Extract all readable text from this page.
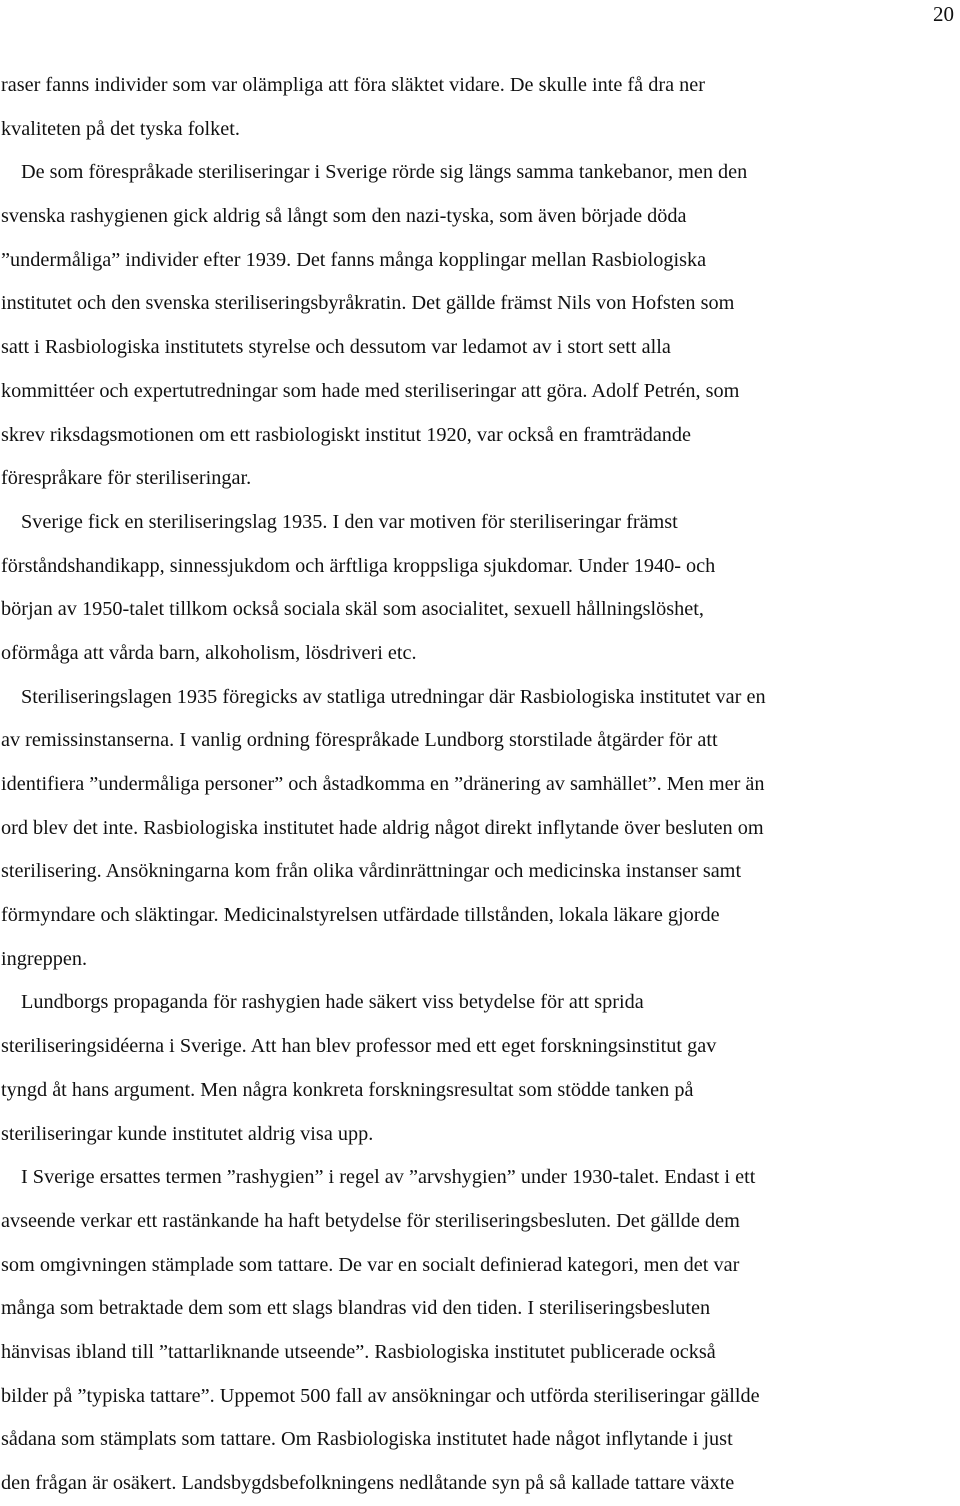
20
raser fanns individer som var olämpliga att föra släktet vidare. De skulle inte få dra ner
kvaliteten på det tyska folket.
De som förespråkade steriliseringar i Sverige rörde sig längs samma tankebanor, men den
svenska rashygienen gick aldrig så långt som den nazi-tyska, som även började döda
”undermåliga” individer efter 1939. Det fanns många kopplingar mellan Rasbiologiska
institutet och den svenska steriliseringsbyråkratin. Det gällde främst Nils von Hofsten som
satt i Rasbiologiska institutets styrelse och dessutom var ledamot av i stort sett alla
kommittéer och expertutredningar som hade med steriliseringar att göra. Adolf Petrén, som
skrev riksdagsmotionen om ett rasbiologiskt institut 1920, var också en framträdande
förespråkare för steriliseringar.
Sverige fick en steriliseringslag 1935. I den var motiven för steriliseringar främst
förståndshandikapp, sinnessjukdom och ärftliga kroppsliga sjukdomar. Under 1940- och
början av 1950-talet tillkom också sociala skäl som asocialitet, sexuell hållningslöshet,
oförmåga att vårda barn, alkoholism, lösdriveri etc.
Steriliseringslagen 1935 föregicks av statliga utredningar där Rasbiologiska institutet var en
av remissinstanserna. I vanlig ordning förespråkade Lundborg storstilade åtgärder för att
identifiera ”undermåliga personer” och åstadkomma en ”dränering av samhället”. Men mer än
ord blev det inte. Rasbiologiska institutet hade aldrig något direkt inflytande över besluten om
sterilisering. Ansökningarna kom från olika vårdinrättningar och medicinska instanser samt
förmyndare och släktingar. Medicinalstyrelsen utfärdade tillstånden, lokala läkare gjorde
ingreppen.
Lundborgs propaganda för rashygien hade säkert viss betydelse för att sprida
steriliseringsidéerna i Sverige. Att han blev professor med ett eget forskningsinstitut gav
tyngd åt hans argument. Men några konkreta forskningsresultat som stödde tanken på
steriliseringar kunde institutet aldrig visa upp.
I Sverige ersattes termen ”rashygien” i regel av ”arvshygien” under 1930-talet. Endast i ett
avseende verkar ett rastänkande ha haft betydelse för steriliseringsbesluten. Det gällde dem
som omgivningen stämplade som tattare. De var en socialt definierad kategori, men det var
många som betraktade dem som ett slags blandras vid den tiden. I steriliseringsbesluten
hänvisas ibland till ”tattarliknande utseende”. Rasbiologiska institutet publicerade också
bilder på ”typiska tattare”. Uppemot 500 fall av ansökningar och utförda steriliseringar gällde
sådana som stämplats som tattare. Om Rasbiologiska institutet hade något inflytande i just
den frågan är osäkert. Landsbygdsbefolkningens nedlåtande syn på så kallade tattare växte
